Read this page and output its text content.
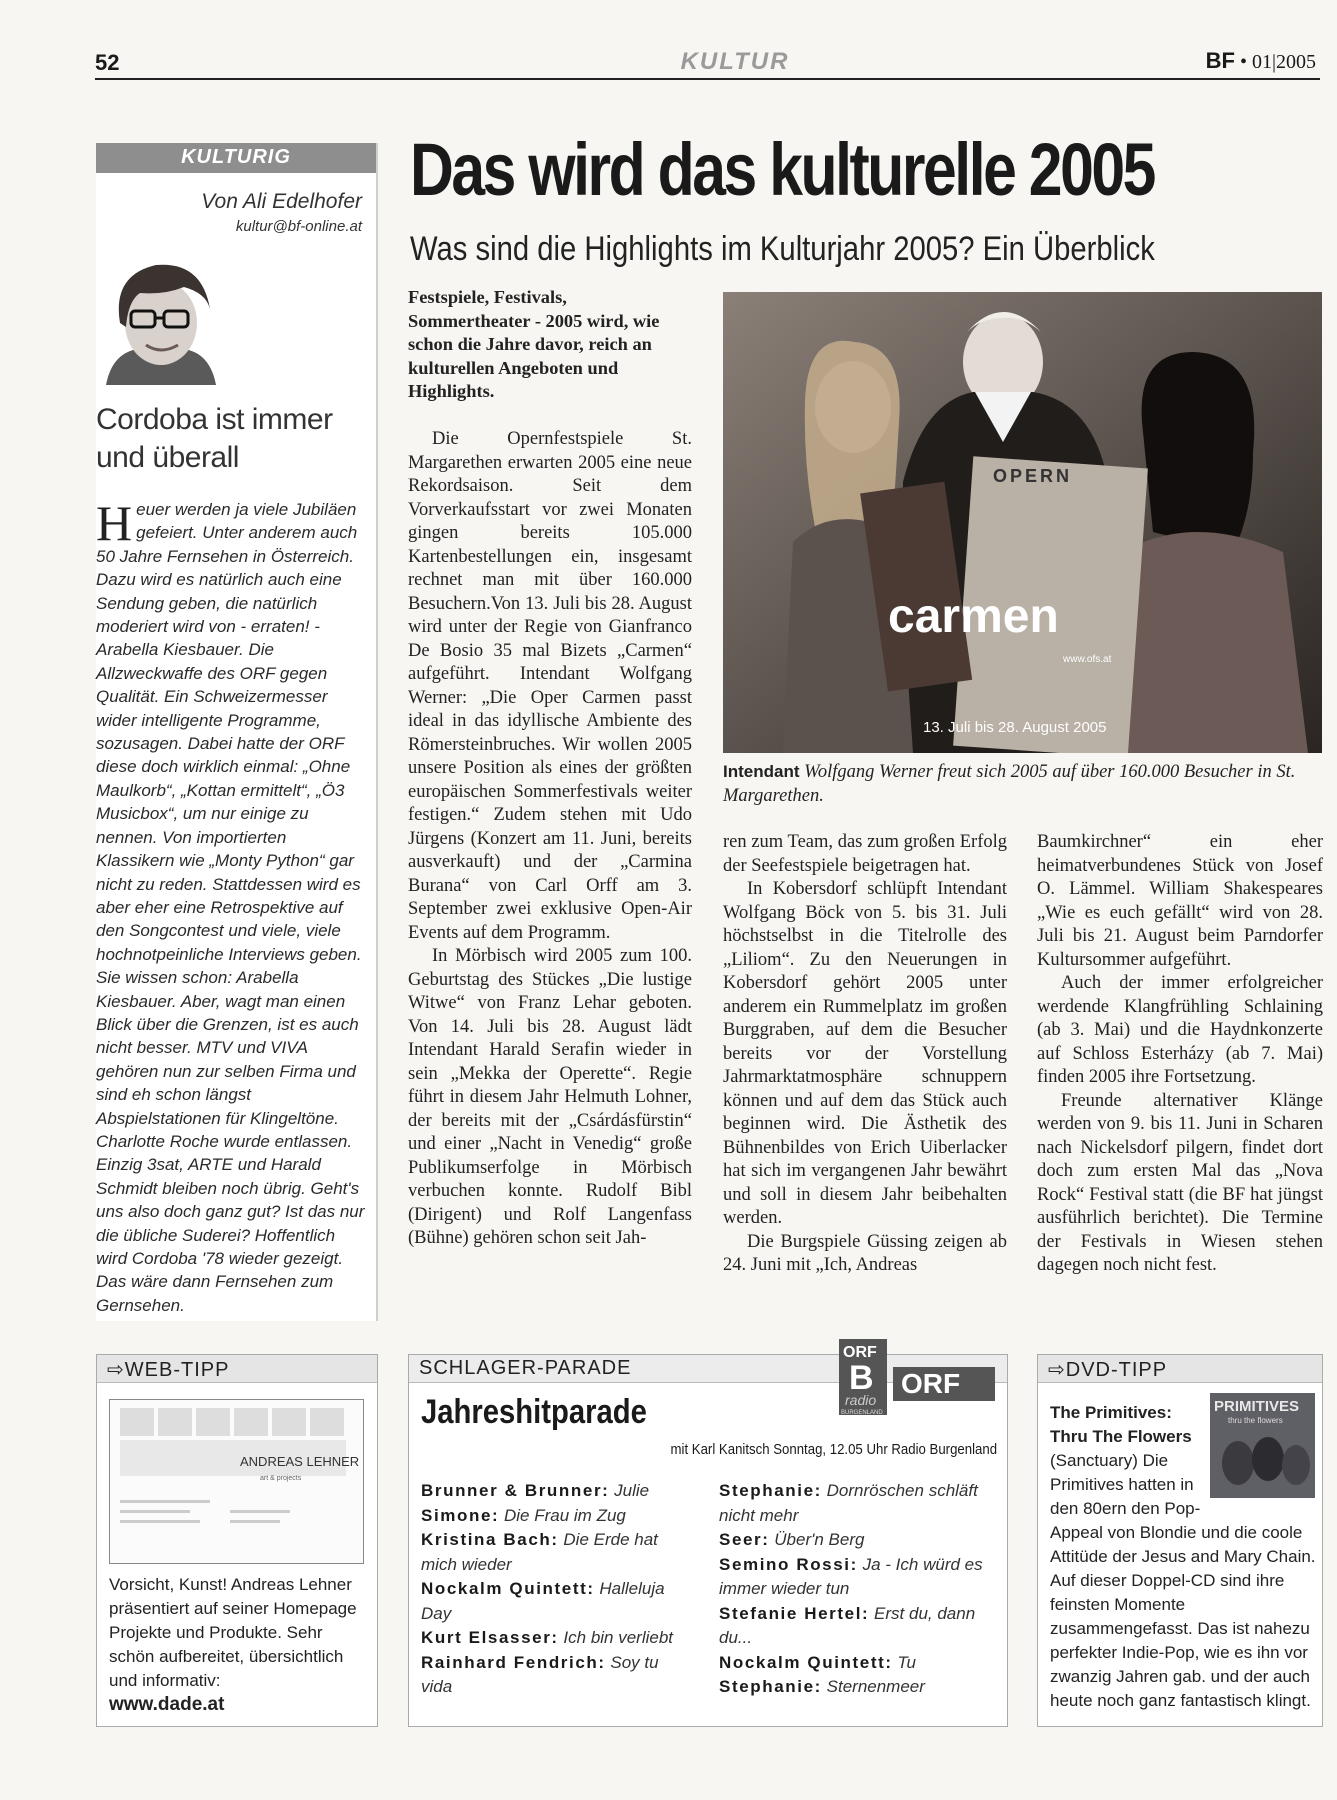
52	KULTUR	BF • 01|2005
KULTURIG
Von Ali Edelhofer
kultur@bf-online.at
Cordoba ist immer und überall
Heuer werden ja viele Jubiläen gefeiert. Unter anderem auch 50 Jahre Fernsehen in Österreich. Dazu wird es natürlich auch eine Sendung geben, die natürlich moderiert wird von - erraten! - Arabella Kiesbauer. Die Allzweckwaffe des ORF gegen Qualität. Ein Schweizermesser wider intelligente Programme, sozusagen. Dabei hatte der ORF diese doch wirklich einmal: „Ohne Maulkorb“, „Kottan ermittelt“, „Ö3 Musicbox“, um nur einige zu nennen. Von importierten Klassikern wie „Monty Python“ gar nicht zu reden. Stattdessen wird es aber eher eine Retrospektive auf den Songcontest und viele, viele hochnotpeinliche Interviews geben. Sie wissen schon: Arabella Kiesbauer. Aber, wagt man einen Blick über die Grenzen, ist es auch nicht besser. MTV und VIVA gehören nun zur selben Firma und sind eh schon längst Abspielstationen für Klingeltöne. Charlotte Roche wurde entlassen. Einzig 3sat, ARTE und Harald Schmidt bleiben noch übrig. Geht's uns also doch ganz gut? Ist das nur die übliche Suderei? Hoffentlich wird Cordoba '78 wieder gezeigt. Das wäre dann Fernsehen zum Gernsehen.
Das wird das kulturelle 2005
Was sind die Highlights im Kulturjahr 2005? Ein Überblick
Festspiele, Festivals, Sommertheater - 2005 wird, wie schon die Jahre davor, reich an kulturellen Angeboten und Highlights.

Die Opernfestspiele St. Margarethen erwarten 2005 eine neue Rekordsaison. Seit dem Vorverkaufsstart vor zwei Monaten gingen bereits 105.000 Kartenbestellungen ein, insgesamt rechnet man mit über 160.000 Besuchern.Von 13. Juli bis 28. August wird unter der Regie von Gianfranco De Bosio 35 mal Bizets „Carmen“ aufgeführt. Intendant Wolfgang Werner: „Die Oper Carmen passt ideal in das idyllische Ambiente des Römersteinbruches. Wir wollen 2005 unsere Position als eines der größten europäischen Sommerfestivals weiter festigen.“ Zudem stehen mit Udo Jürgens (Konzert am 11. Juni, bereits ausverkauft) und der „Carmina Burana“ von Carl Orff am 3. September zwei exklusive Open-Air Events auf dem Programm.

In Mörbisch wird 2005 zum 100. Geburtstag des Stückes „Die lustige Witwe“ von Franz Lehar geboten. Von 14. Juli bis 28. August lädt Intendant Harald Serafin wieder in sein „Mekka der Operette“. Regie führt in diesem Jahr Helmuth Lohner, der bereits mit der „Csárdásfürstin“ und einer „Nacht in Venedig“ große Publikumserfolge in Mörbisch verbuchen konnte. Rudolf Bibl (Dirigent) und Rolf Langenfass (Bühne) gehören schon seit Jah-

OPERN
carmen
www.ofs.at
13. Juli bis 28. August 2005
Intendant Wolfgang Werner freut sich 2005 auf über 160.000 Besucher in St. Margarethen.

ren zum Team, das zum großen Erfolg der Seefestspiele beigetragen hat.

In Kobersdorf schlüpft Intendant Wolfgang Böck von 5. bis 31. Juli höchstselbst in die Titelrolle des „Liliom“. Zu den Neuerungen in Kobersdorf gehört 2005 unter anderem ein Rummelplatz im großen Burggraben, auf dem die Besucher bereits vor der Vorstellung Jahrmarktatmosphäre schnuppern können und auf dem das Stück auch beginnen wird. Die Ästhetik des Bühnenbildes von Erich Uiberlacker hat sich im vergangenen Jahr bewährt und soll in diesem Jahr beibehalten werden.

Die Burgspiele Güssing zeigen ab 24. Juni mit „Ich, Andreas

Baumkirchner“ ein eher heimatverbundenes Stück von Josef O. Lämmel. William Shakespeares „Wie es euch gefällt“ wird von 28. Juli bis 21. August beim Parndorfer Kultursommer aufgeführt.

Auch der immer erfolgreicher werdende Klangfrühling Schlaining (ab 3. Mai) und die Haydnkonzerte auf Schloss Esterházy (ab 7. Mai) finden 2005 ihre Fortsetzung.

Freunde alternativer Klänge werden von 9. bis 11. Juni in Scharen nach Nickelsdorf pilgern, findet dort doch zum ersten Mal das „Nova Rock“ Festival statt (die BF hat jüngst ausführlich berichtet). Die Termine der Festivals in Wiesen stehen dagegen noch nicht fest.

⇨WEB-TIPP
ANDREAS LEHNER
art & projects
Vorsicht, Kunst! Andreas Lehner präsentiert auf seiner Homepage Projekte und Produkte. Sehr schön aufbereitet, übersichtlich und informativ:
www.dade.at
SCHLAGER-PARADE
Jahreshitparade
ORF
B
radio
BURGENLAND
ORF
mit Karl Kanitsch Sonntag, 12.05 Uhr Radio Burgenland
Brunner & Brunner: Julie
Simone: Die Frau im Zug
Kristina Bach: Die Erde hat mich wieder
Nockalm Quintett: Halleluja Day
Kurt Elsasser: Ich bin verliebt
Rainhard Fendrich: Soy tu vida
Stephanie: Dornröschen schläft nicht mehr
Seer: Über'n Berg
Semino Rossi: Ja - Ich würd es immer wieder tun
Stefanie Hertel: Erst du, dann du...
Nockalm Quintett: Tu
Stephanie: Sternenmeer
⇨DVD-TIPP
PRIMITIVES
thru the flowers
The Primitives: Thru The Flowers
(Sanctuary) Die Primitives hatten in den 80ern den Pop-Appeal von Blondie und die coole Attitüde der Jesus and Mary Chain. Auf dieser Doppel-CD sind ihre feinsten Momente zusammengefasst. Das ist nahezu perfekter Indie-Pop, wie es ihn vor zwanzig Jahren gab. und der auch heute noch ganz fantastisch klingt.
